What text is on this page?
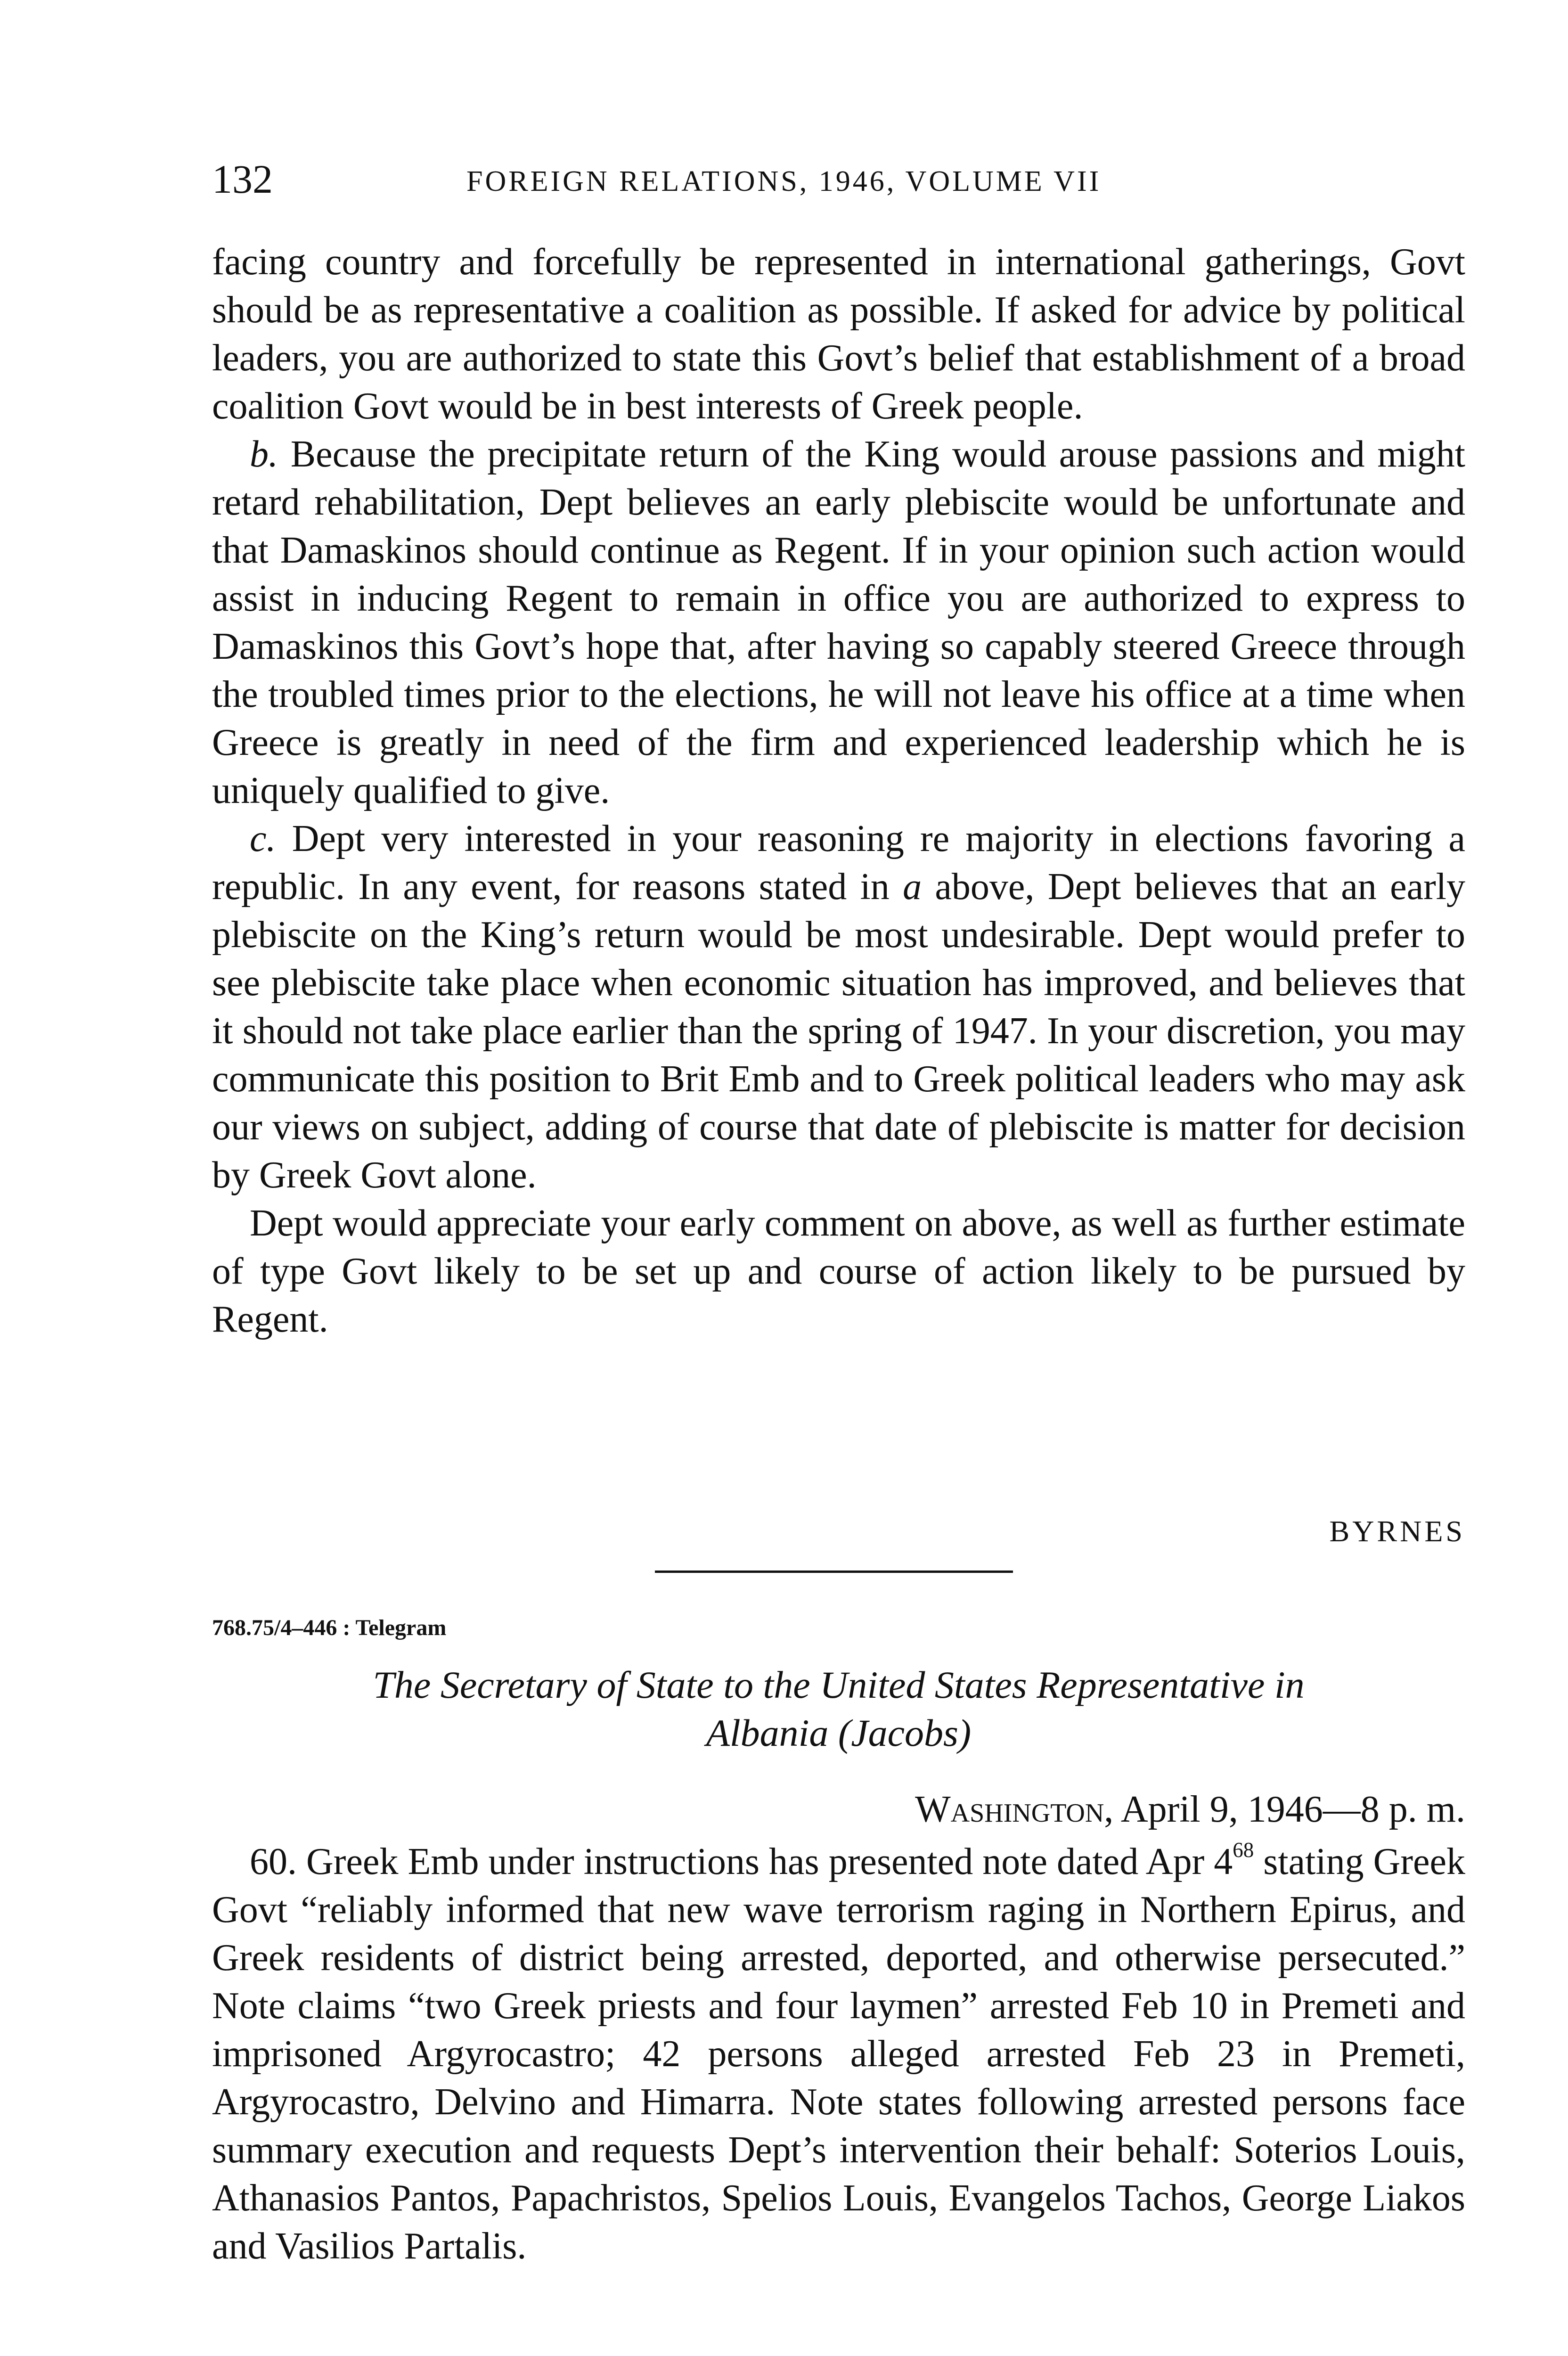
132	FOREIGN RELATIONS, 1946, VOLUME VII

facing country and forcefully be represented in international gatherings, Govt should be as representative a coalition as possible. If asked for advice by political leaders, you are authorized to state this Govt’s belief that establishment of a broad coalition Govt would be in best interests of Greek people.

b. Because the precipitate return of the King would arouse passions and might retard rehabilitation, Dept believes an early plebiscite would be unfortunate and that Damaskinos should continue as Regent. If in your opinion such action would assist in inducing Regent to remain in office you are authorized to express to Damaskinos this Govt’s hope that, after having so capably steered Greece through the troubled times prior to the elections, he will not leave his office at a time when Greece is greatly in need of the firm and experienced leadership which he is uniquely qualified to give.

c. Dept very interested in your reasoning re majority in elections favoring a republic. In any event, for reasons stated in a above, Dept believes that an early plebiscite on the King’s return would be most undesirable. Dept would prefer to see plebiscite take place when economic situation has improved, and believes that it should not take place earlier than the spring of 1947. In your discretion, you may communicate this position to Brit Emb and to Greek political leaders who may ask our views on subject, adding of course that date of plebiscite is matter for decision by Greek Govt alone.

Dept would appreciate your early comment on above, as well as further estimate of type Govt likely to be set up and course of action likely to be pursued by Regent.

BYRNES
768.75/4–446 : Telegram
The Secretary of State to the United States Representative in
Albania (Jacobs)
Washington, April 9, 1946—8 p. m.

60. Greek Emb under instructions has presented note dated Apr $4^{68}$ stating Greek Govt “reliably informed that new wave terrorism raging in Northern Epirus, and Greek residents of district being arrested, deported, and otherwise persecuted.” Note claims “two Greek priests and four laymen” arrested Feb 10 in Premeti and imprisoned Argyrocastro; 42 persons alleged arrested Feb 23 in Premeti, Argyrocastro, Delvino and Himarra. Note states following arrested persons face summary execution and requests Dept’s intervention their behalf: Soterios Louis, Athanasios Pantos, Papachristos, Spelios Louis, Evangelos Tachos, George Liakos and Vasilios Partalis.
